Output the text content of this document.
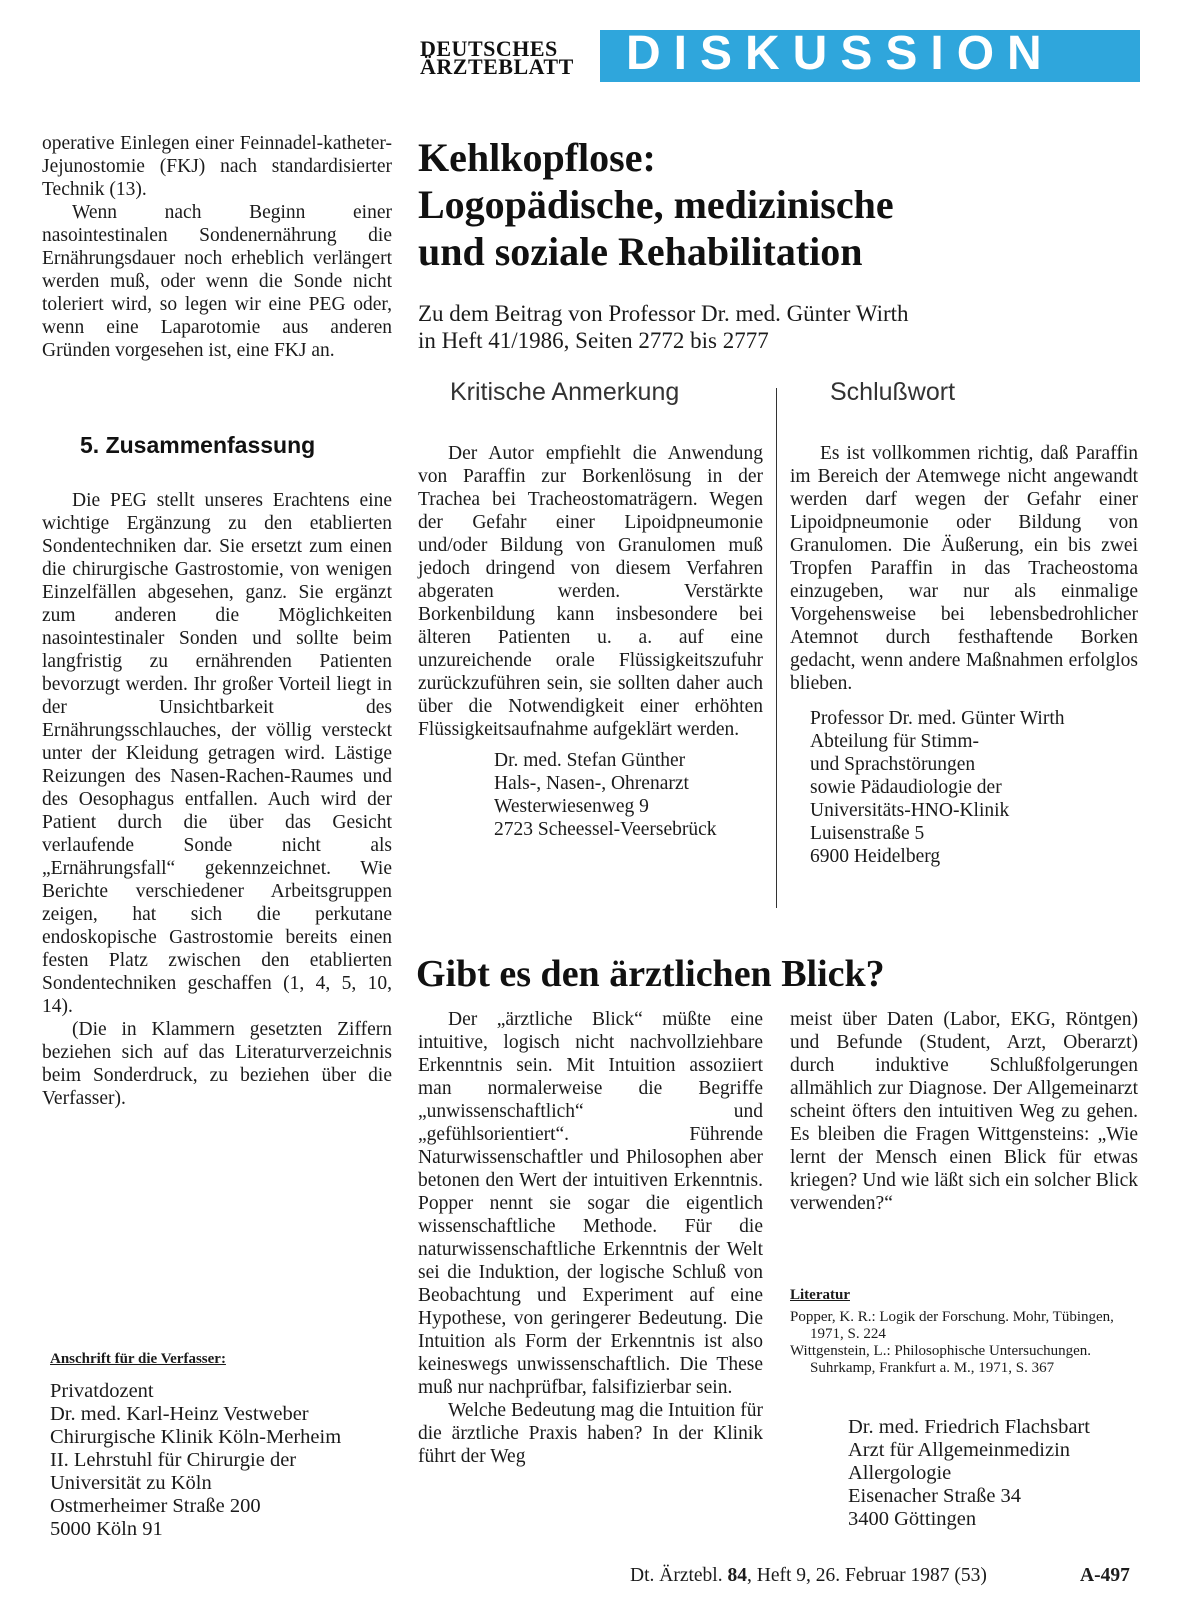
DEUTSCHES
ÄRZTEBLATT	DISKUSSION

operative Einlegen einer Feinnadel-katheter-Jejunostomie (FKJ) nach standardisierter Technik (13).

Wenn nach Beginn einer nasointestinalen Sondenernährung die Ernährungsdauer noch erheblich verlängert werden muß, oder wenn die Sonde nicht toleriert wird, so legen wir eine PEG oder, wenn eine Laparotomie aus anderen Gründen vorgesehen ist, eine FKJ an.

5. Zusammenfassung

Die PEG stellt unseres Erachtens eine wichtige Ergänzung zu den etablierten Sondentechniken dar. Sie ersetzt zum einen die chirurgische Gastrostomie, von wenigen Einzelfällen abgesehen, ganz. Sie ergänzt zum anderen die Möglichkeiten nasointestinaler Sonden und sollte beim langfristig zu ernährenden Patienten bevorzugt werden. Ihr großer Vorteil liegt in der Unsichtbarkeit des Ernährungsschlauches, der völlig versteckt unter der Kleidung getragen wird. Lästige Reizungen des Nasen-Rachen-Raumes und des Oesophagus entfallen. Auch wird der Patient durch die über das Gesicht verlaufende Sonde nicht als „Ernährungsfall“ gekennzeichnet. Wie Berichte verschiedener Arbeitsgruppen zeigen, hat sich die perkutane endoskopische Gastrostomie bereits einen festen Platz zwischen den etablierten Sondentechniken geschaffen (1, 4, 5, 10, 14).

(Die in Klammern gesetzten Ziffern beziehen sich auf das Literaturverzeichnis beim Sonderdruck, zu beziehen über die Verfasser).

Anschrift für die Verfasser:
Privatdozent
Dr. med. Karl-Heinz Vestweber
Chirurgische Klinik Köln-Merheim
II. Lehrstuhl für Chirurgie der
Universität zu Köln
Ostmerheimer Straße 200
5000 Köln 91
Kehlkopflose:
Logopädische, medizinische
und soziale Rehabilitation
Zu dem Beitrag von Professor Dr. med. Günter Wirth
in Heft 41/1986, Seiten 2772 bis 2777
Kritische Anmerkung	Schlußwort

Der Autor empfiehlt die Anwendung von Paraffin zur Borkenlösung in der Trachea bei Tracheostomaträgern. Wegen der Gefahr einer Lipoidpneumonie und/oder Bildung von Granulomen muß jedoch dringend von diesem Verfahren abgeraten werden. Verstärkte Borkenbildung kann insbesondere bei älteren Patienten u. a. auf eine unzureichende orale Flüssigkeitszufuhr zurückzuführen sein, sie sollten daher auch über die Notwendigkeit einer erhöhten Flüssigkeitsaufnahme aufgeklärt werden.

Dr. med. Stefan Günther
Hals-, Nasen-, Ohrenarzt
Westerwiesenweg 9
2723 Scheessel-Veersebrück

Es ist vollkommen richtig, daß Paraffin im Bereich der Atemwege nicht angewandt werden darf wegen der Gefahr einer Lipoidpneumonie oder Bildung von Granulomen. Die Äußerung, ein bis zwei Tropfen Paraffin in das Tracheostoma einzugeben, war nur als einmalige Vorgehensweise bei lebensbedrohlicher Atemnot durch festhaftende Borken gedacht, wenn andere Maßnahmen erfolglos blieben.

Professor Dr. med. Günter Wirth
Abteilung für Stimm-
und Sprachstörungen
sowie Pädaudiologie der
Universitäts-HNO-Klinik
Luisenstraße 5
6900 Heidelberg
Gibt es den ärztlichen Blick?

Der „ärztliche Blick“ müßte eine intuitive, logisch nicht nachvollziehbare Erkenntnis sein. Mit Intuition assoziiert man normalerweise die Begriffe „unwissenschaftlich“ und „gefühlsorientiert“. Führende Naturwissenschaftler und Philosophen aber betonen den Wert der intuitiven Erkenntnis. Popper nennt sie sogar die eigentlich wissenschaftliche Methode. Für die naturwissenschaftliche Erkenntnis der Welt sei die Induktion, der logische Schluß von Beobachtung und Experiment auf eine Hypothese, von geringerer Bedeutung. Die Intuition als Form der Erkenntnis ist also keineswegs unwissenschaftlich. Die These muß nur nachprüfbar, falsifizierbar sein.

Welche Bedeutung mag die Intuition für die ärztliche Praxis haben? In der Klinik führt der Weg

meist über Daten (Labor, EKG, Röntgen) und Befunde (Student, Arzt, Oberarzt) durch induktive Schlußfolgerungen allmählich zur Diagnose. Der Allgemeinarzt scheint öfters den intuitiven Weg zu gehen. Es bleiben die Fragen Wittgensteins: „Wie lernt der Mensch einen Blick für etwas kriegen? Und wie läßt sich ein solcher Blick verwenden?“

Literatur

Popper, K. R.: Logik der Forschung. Mohr, Tübingen, 1971, S. 224

Wittgenstein, L.: Philosophische Untersuchungen. Suhrkamp, Frankfurt a. M., 1971, S. 367

Dr. med. Friedrich Flachsbart
Arzt für Allgemeinmedizin
Allergologie
Eisenacher Straße 34
3400 Göttingen
Dt. Ärztebl. 84, Heft 9, 26. Februar 1987 (53)	A-497
